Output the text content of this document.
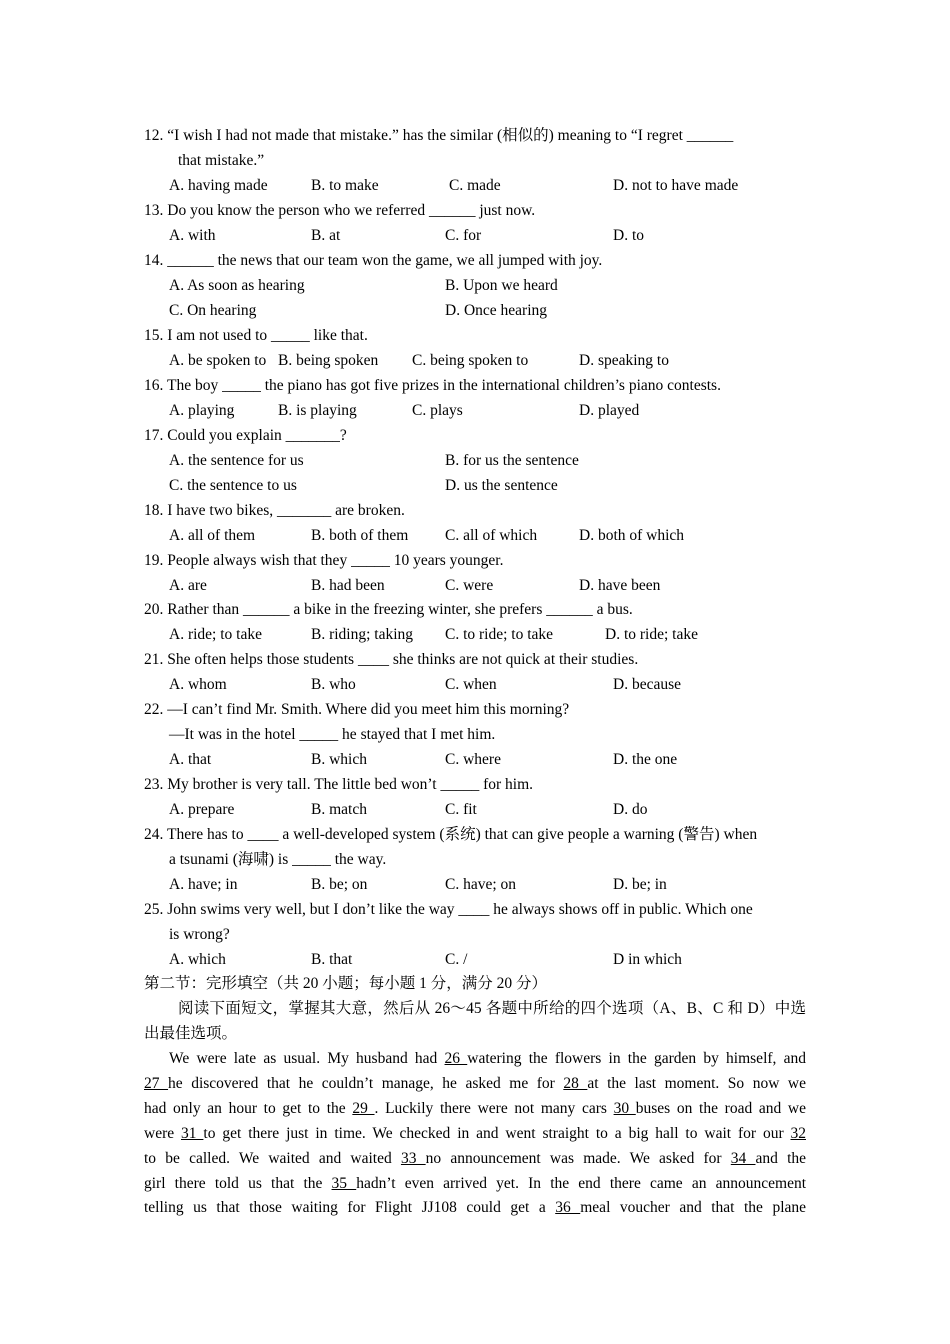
12. “I wish I had not made that mistake.” has the similar (相似的) meaning to “I regret ______
that mistake.”
A. having made	B. to make	C. made	D. not to have made
13. Do you know the person who we referred ______ just now.
A. with	B. at	C. for	D. to
14. ______ the news that our team won the game, we all jumped with joy.
A. As soon as hearing	B. Upon we heard
C. On hearing	D. Once hearing
15. I am not used to _____ like that.
A. be spoken to B. being spoken C. being spoken to	D. speaking to
16. The boy _____ the piano has got five prizes in the international children’s piano contests.
A. playing	B. is playing	C. plays	D. played
17. Could you explain _______?
A. the sentence for us	B. for us the sentence
C. the sentence to us	D. us the sentence
18. I have two bikes, _______ are broken.
A. all of them	B. both of them C. all of which	D. both of which
19. People always wish that they _____ 10 years younger.
A. are	B. had been	C. were	D. have been
20. Rather than ______ a bike in the freezing winter, she prefers ______ a bus.
A. ride; to take	B. riding; taking C. to ride; to take	D. to ride; take
21. She often helps those students ____ she thinks are not quick at their studies.
A. whom	B. who	C. when	D. because
22. —I can’t find Mr. Smith. Where did you meet him this morning?
—It was in the hotel _____ he stayed that I met him.
A. that	B. which	C. where	D. the one
23. My brother is very tall. The little bed won’t _____ for him.
A. prepare	B. match	C. fit	D. do
24. There has to ____ a well-developed system (系统) that can give people a warning (警告) when
a tsunami (海啸) is _____ the way.
A. have; in	B. be; on	C. have; on	D. be; in
25. John swims very well, but I don’t like the way ____ he always shows off in public. Which one
is wrong?
A. which	B. that	C. /	D in which
第二节：完形填空（共 20 小题；每小题 1 分，满分 20 分）
阅读下面短文，掌握其大意，然后从 26～45 各题中所给的四个选项（A、B、C 和 D）中选
出最佳选项。
We were late as usual. My husband had 26 watering the flowers in the garden by himself, and
27 he discovered that he couldn’t manage, he asked me for 28 at the last moment. So now we
had only an hour to get to the 29 . Luckily there were not many cars 30 buses on the road and we
were 31 to get there just in time. We checked in and went straight to a big hall to wait for our 32
to be called. We waited and waited 33 no announcement was made. We asked for 34 and the
girl there told us that the 35 hadn’t even arrived yet. In the end there came an announcement
telling us that those waiting for Flight JJ108 could get a 36 meal voucher and that the plane
